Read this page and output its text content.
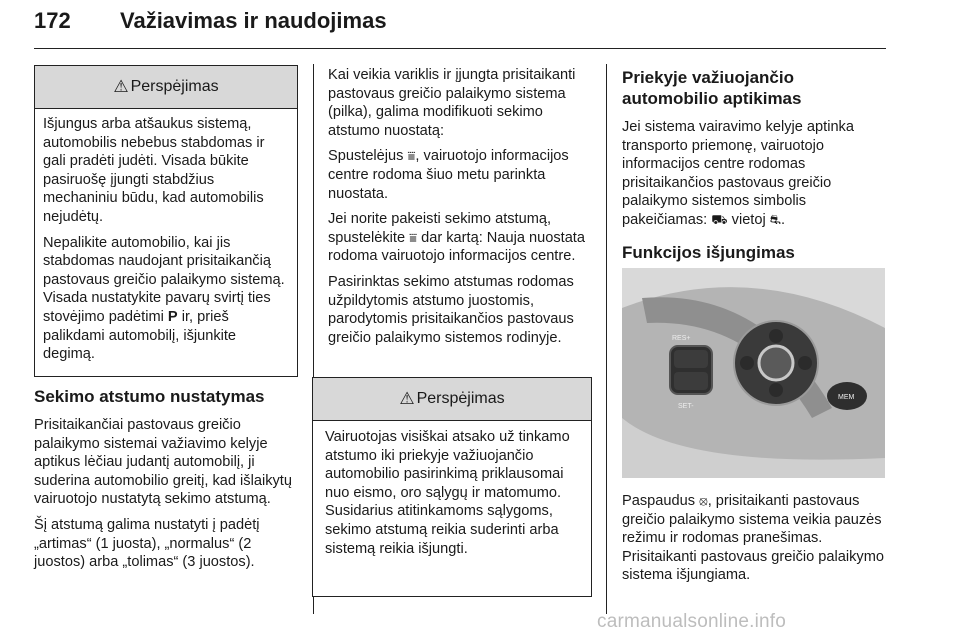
172 Važiavimas ir naudojimas
⚠ Perspėjimas

Išjungus arba atšaukus sistemą, automobilis nebebus stabdomas ir gali pradėti judėti. Visada būkite pasiruošę įjungti stabdžius mechaniniu būdu, kad automobilis nejudėtų.

Nepalikite automobilio, kai jis stabdomas naudojant prisitaikančią pastovaus greičio palaikymo sistemą. Visada nustatykite pavarų svirtį ties stovėjimo padėtimi P ir, prieš palikdami automobilį, išjunkite degimą.

Sekimo atstumo nustatymas

Prisitaikančiai pastovaus greičio palaikymo sistemai važiavimo kelyje aptikus lėčiau judantį automobilį, ji suderina automobilio greitį, kad išlaikytų vairuotojo nustatytą sekimo atstumą.

Šį atstumą galima nustatyti į padėtį „artimas“ (1 juosta), „normalus“ (2 juostos) arba „tolimas“ (3 juostos).

Kai veikia variklis ir įjungta prisitaikanti pastovaus greičio palaikymo sistema (pilka), galima modifikuoti sekimo atstumo nuostatą:

Spustelėjus ⩸, vairuotojo informacijos centre rodoma šiuo metu parinkta nuostata.

Jei norite pakeisti sekimo atstumą, spustelėkite ⩸ dar kartą: Nauja nuostata rodoma vairuotojo informacijos centre.

Pasirinktas sekimo atstumas rodomas užpildytomis atstumo juostomis, parodytomis prisitaikančios pastovaus greičio palaikymo sistemos rodinyje.

⚠ Perspėjimas

Vairuotojas visiškai atsako už tinkamo atstumo iki priekyje važiuojančio automobilio pasirinkimą priklausomai nuo eismo, oro sąlygų ir matomumo. Susidarius atitinkamoms sąlygoms, sekimo atstumą reikia suderinti arba sistemą reikia išjungti.

Priekyje važiuojančio automobilio aptikimas

Jei sistema vairavimo kelyje aptinka transporto priemonę, vairuotojo informacijos centre rodomas prisitaikančios pastovaus greičio palaikymo sistemos simbolis pakeičiamas: ⛟ vietoj ⛐.

Funkcijos išjungimas
RES+
SET-
MEM

Paspaudus ⦻, prisitaikanti pastovaus greičio palaikymo sistema veikia pauzės režimu ir rodomas pranešimas. Prisitaikanti pastovaus greičio palaikymo sistema išjungiama.

carmanualsonline.info
